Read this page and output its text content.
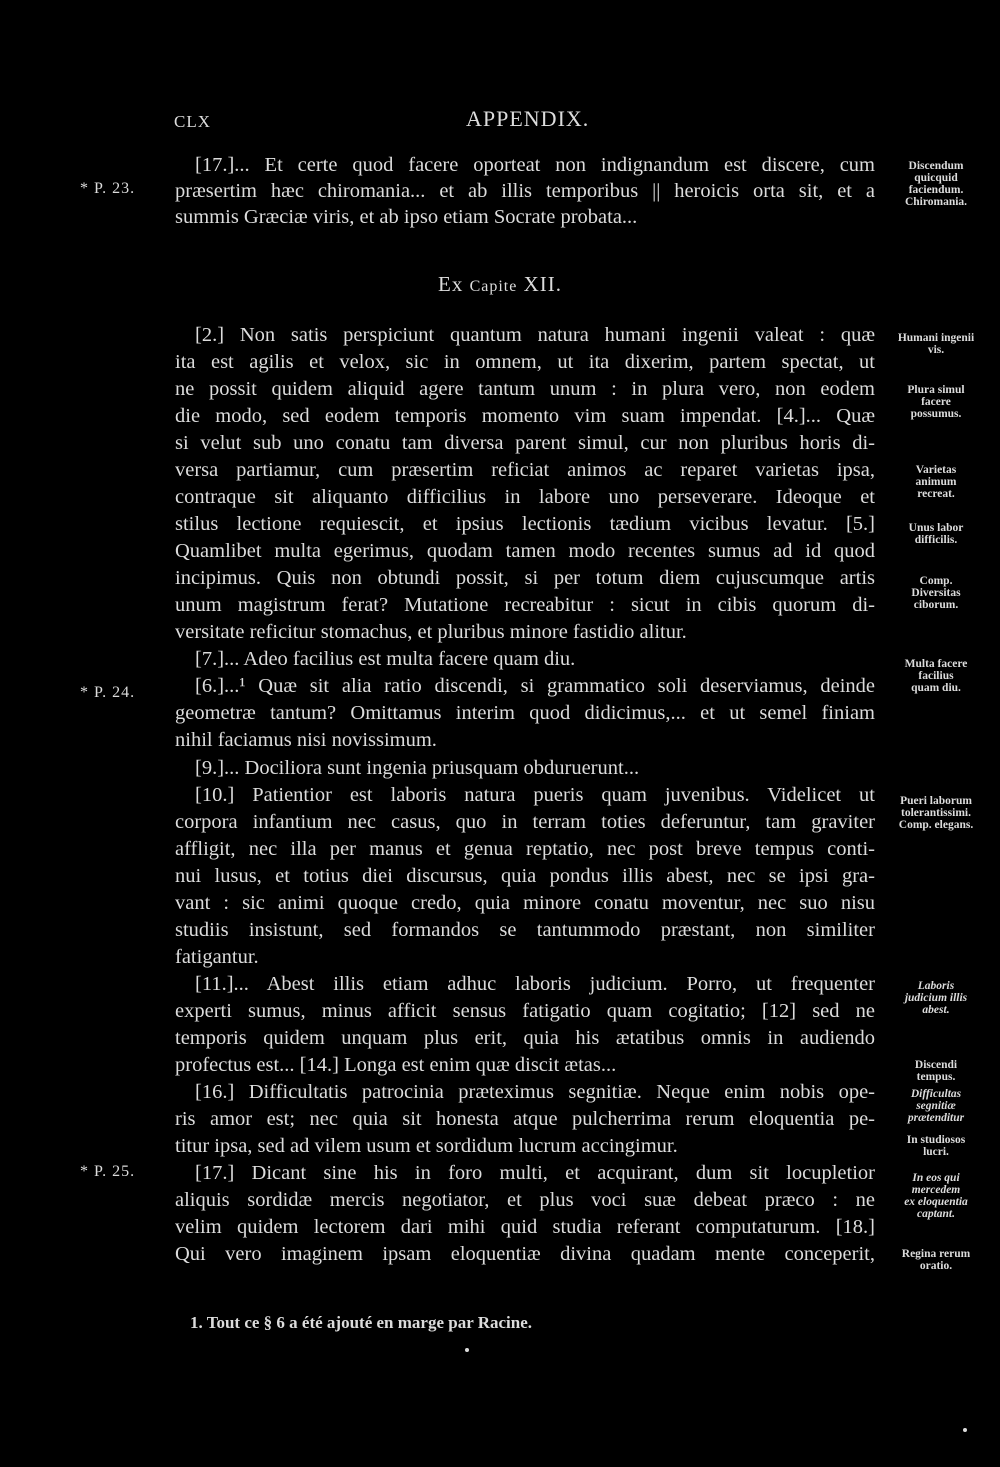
CLX	APPENDIX.
[17.]... Et certe quod facere oporteat non indignandum est discere, cum
præsertim hæc chiromania... et ab illis temporibus || heroicis orta sit, et a
summis Græciæ viris, et ab ipso etiam Socrate probata...
[2.] Non satis perspiciunt quantum natura humani ingenii valeat : quæ
ita est agilis et velox, sic in omnem, ut ita dixerim, partem spectat, ut
ne possit quidem aliquid agere tantum unum : in plura vero, non eodem
die modo, sed eodem temporis momento vim suam impendat. [4.]... Quæ
si velut sub uno conatu tam diversa parent simul, cur non pluribus horis di-
versa partiamur, cum præsertim reficiat animos ac reparet varietas ipsa,
contraque sit aliquanto difficilius in labore uno perseverare. Ideoque et
stilus lectione requiescit, et ipsius lectionis tædium vicibus levatur. [5.]
Quamlibet multa egerimus, quodam tamen modo recentes sumus ad id quod
incipimus. Quis non obtundi possit, si per totum diem cujuscumque artis
unum magistrum ferat? Mutatione recreabitur : sicut in cibis quorum di-
versitate reficitur stomachus, et pluribus minore fastidio alitur.
[7.]... Adeo facilius est multa facere quam diu.
[6.]...¹ Quæ sit alia ratio discendi, si grammatico soli deserviamus, deinde
geometræ tantum? Omittamus interim quod didicimus,... et ut semel finiam
nihil faciamus nisi novissimum.
[9.]... Dociliora sunt ingenia priusquam obduruerunt...
[10.] Patientior est laboris natura pueris quam juvenibus. Videlicet ut
corpora infantium nec casus, quo in terram toties deferuntur, tam graviter
affligit, nec illa per manus et genua reptatio, nec post breve tempus conti-
nui lusus, et totius diei discursus, quia pondus illis abest, nec se ipsi gra-
vant : sic animi quoque credo, quia minore conatu moventur, nec suo nisu
studiis insistunt, sed formandos se tantummodo præstant, non similiter
fatigantur.
[11.]... Abest illis etiam adhuc laboris judicium. Porro, ut frequenter
experti sumus, minus afficit sensus fatigatio quam cogitatio; [12] sed ne
temporis quidem unquam plus erit, quia his ætatibus omnis in audiendo
profectus est... [14.] Longa est enim quæ discit ætas...
[16.] Difficultatis patrocinia præteximus segnitiæ. Neque enim nobis ope-
ris amor est; nec quia sit honesta atque pulcherrima rerum eloquentia pe-
titur ipsa, sed ad vilem usum et sordidum lucrum accingimur.
[17.] Dicant sine his in foro multi, et acquirant, dum sit locupletior
aliquis sordidæ mercis negotiator, et plus voci suæ debeat præco : ne
velim quidem lectorem dari mihi quid studia referant computaturum. [18.]
Qui vero imaginem ipsam eloquentiæ divina quadam mente conceperit,
Ex Capite XII.
* P. 23.
* P. 24.
* P. 25.
Discendum
quicquid
faciendum.
Chiromania.
Humani ingenii
vis.
Plura simul
facere
possumus.
Varietas
animum
recreat.
Unus labor
difficilis.
Comp.
Diversitas
ciborum.
Multa facere
facilius
quam diu.
Pueri laborum
tolerantissimi.
Comp. elegans.
Laboris
judicium illis
abest.
Discendi
tempus.
Difficultas
segnitiæ
prætenditur
In studiosos
lucri.
In eos qui
mercedem
ex eloquentia
captant.
Regina rerum
oratio.
1. Tout ce § 6 a été ajouté en marge par Racine.
